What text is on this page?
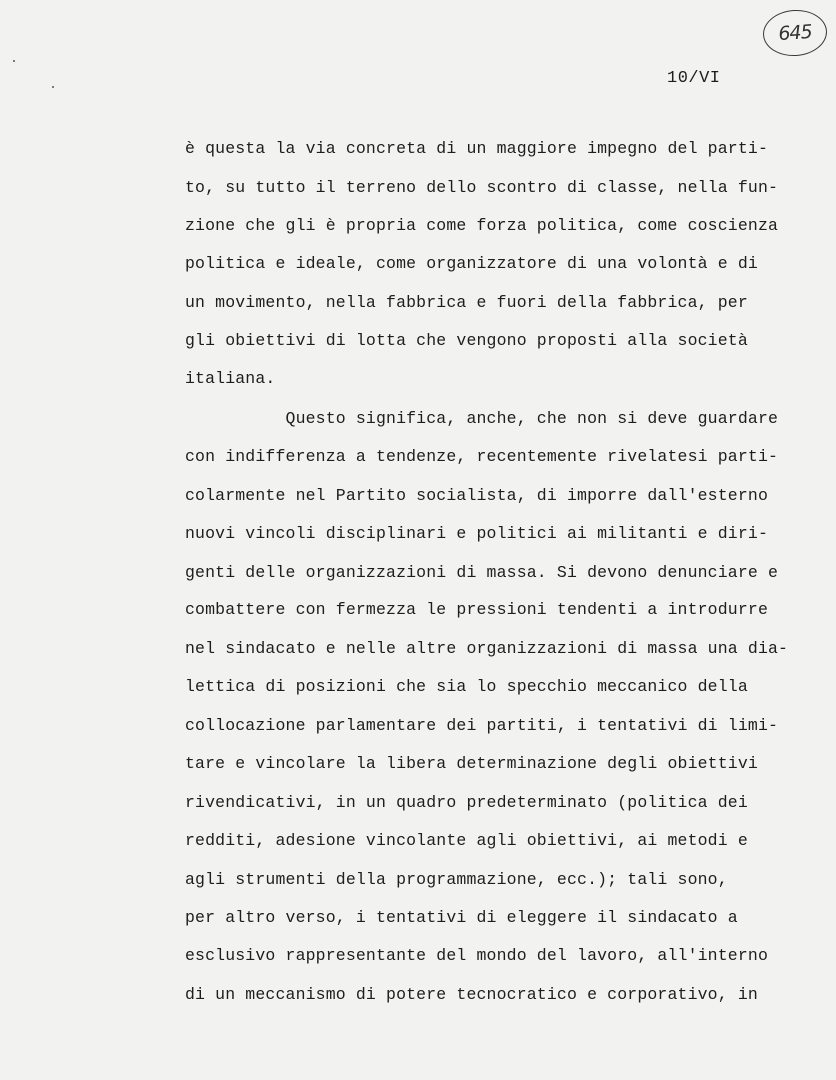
645
10/VI
è questa la via concreta di un maggiore impegno del parti-
to, su tutto il terreno dello scontro di classe, nella fun-
zione che gli è propria come forza politica, come coscienza
politica e ideale, come organizzatore di una volontà e di
un movimento, nella fabbrica e fuori della fabbrica, per
gli obiettivi di lotta che vengono proposti alla società
italiana.
Questo significa, anche, che non si deve guardare
con indifferenza a tendenze, recentemente rivelatesi parti-
colarmente nel Partito socialista, di imporre dall'esterno
nuovi vincoli disciplinari e politici ai militanti e diri-
genti delle organizzazioni di massa. Si devono denunciare e
combattere con fermezza le pressioni tendenti a introdurre
nel sindacato e nelle altre organizzazioni di massa una dia-
lettica di posizioni che sia lo specchio meccanico della
collocazione parlamentare dei partiti, i tentativi di limi-
tare e vincolare la libera determinazione degli obiettivi
rivendicativi, in un quadro predeterminato (politica dei
redditi, adesione vincolante agli obiettivi, ai metodi e
agli strumenti della programmazione, ecc.); tali sono,
per altro verso, i tentativi di eleggere il sindacato a
esclusivo rappresentante del mondo del lavoro, all'interno
di un meccanismo di potere tecnocratico e corporativo, in
